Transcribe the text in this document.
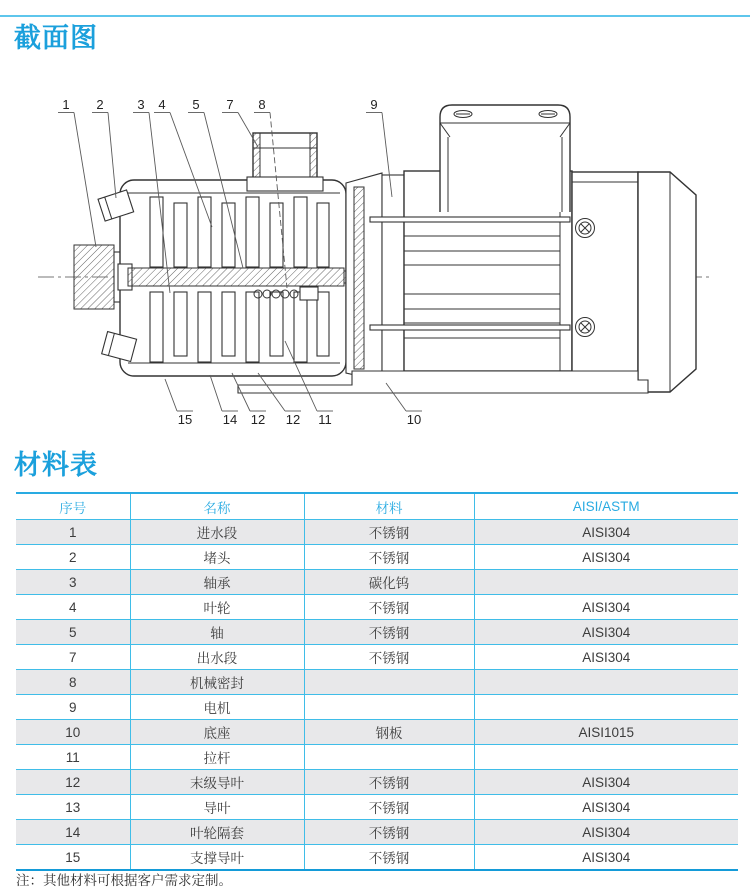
截面图
1 2	3 4 5 7 8	9
15 14 12 12 11	10
材料表
序号	名称	材料	AISI/ASTM
1	进水段	不锈钢	AISI304
2	堵头	不锈钢	AISI304
3	轴承	碳化钨	
4	叶轮	不锈钢	AISI304
5	轴	不锈钢	AISI304
7	出水段	不锈钢	AISI304
8	机械密封		
9	电机		
10	底座	钢板	AISI1015
11	拉杆		
12	末级导叶	不锈钢	AISI304
13	导叶	不锈钢	AISI304
14	叶轮隔套	不锈钢	AISI304
15	支撑导叶	不锈钢	AISI304

注：其他材料可根据客户需求定制。
